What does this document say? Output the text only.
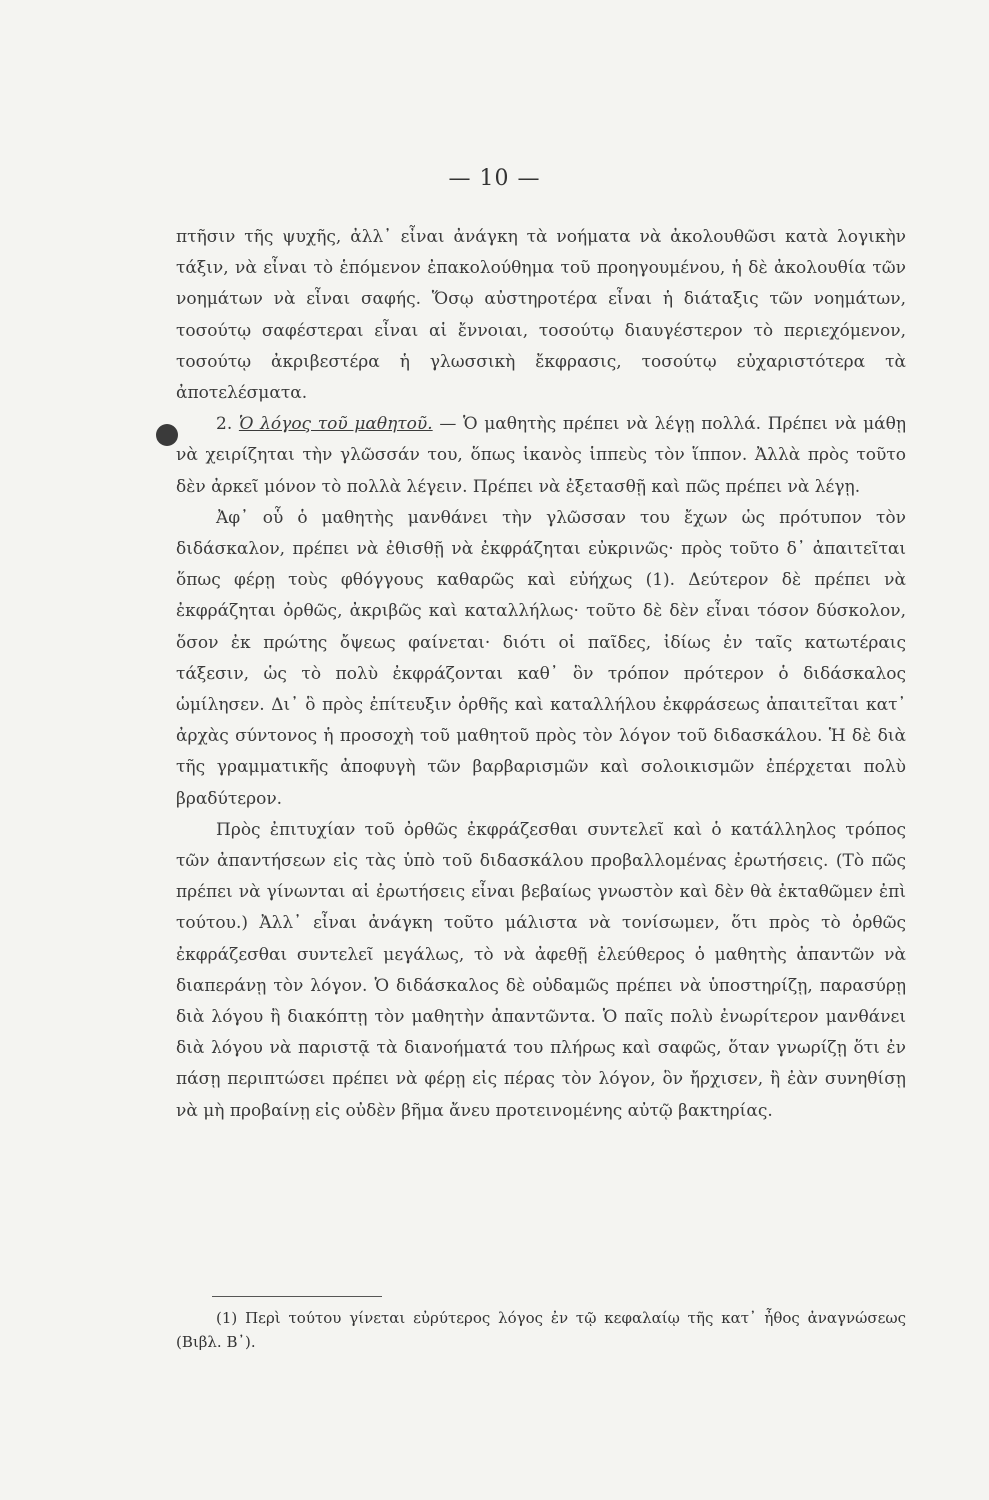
— 10 —

πτῆσιν τῆς ψυχῆς, ἀλλ᾽ εἶναι ἀνάγκη τὰ νοήματα νὰ ἀκολουθῶσι κατὰ λογικὴν τάξιν, νὰ εἶναι τὸ ἑπόμενον ἐπακολούθημα τοῦ προηγουμένου, ἡ δὲ ἀκολουθία τῶν νοημάτων νὰ εἶναι σαφής. Ὅσῳ αὐστηροτέρα εἶναι ἡ διάταξις τῶν νοημάτων, τοσούτῳ σαφέστεραι εἶναι αἱ ἔννοιαι, τοσούτῳ διαυγέστερον τὸ περιεχόμενον, τοσούτῳ ἀκριβεστέρα ἡ γλωσσικὴ ἔκφρασις, τοσούτῳ εὐχαριστότερα τὰ ἀποτελέσματα.

2. Ὁ λόγος τοῦ μαθητοῦ. — Ὁ μαθητὴς πρέπει νὰ λέγῃ πολλά. Πρέπει νὰ μάθῃ νὰ χειρίζηται τὴν γλῶσσάν του, ὅπως ἱκανὸς ἱππεὺς τὸν ἵππον. Ἀλλὰ πρὸς τοῦτο δὲν ἀρκεῖ μόνον τὸ πολλὰ λέγειν. Πρέπει νὰ ἐξετασθῇ καὶ πῶς πρέπει νὰ λέγῃ.

Ἀφ᾽ οὗ ὁ μαθητὴς μανθάνει τὴν γλῶσσαν του ἔχων ὡς πρότυπον τὸν διδάσκαλον, πρέπει νὰ ἐθισθῇ νὰ ἐκφράζηται εὐκρινῶς· πρὸς τοῦτο δ᾽ ἀπαιτεῖται ὅπως φέρῃ τοὺς φθόγγους καθαρῶς καὶ εὐήχως (1). Δεύτερον δὲ πρέπει νὰ ἐκφράζηται ὀρθῶς, ἀκριβῶς καὶ καταλλήλως· τοῦτο δὲ δὲν εἶναι τόσον δύσκολον, ὅσον ἐκ πρώτης ὄψεως φαίνεται· διότι οἱ παῖδες, ἰδίως ἐν ταῖς κατωτέραις τάξεσιν, ὡς τὸ πολὺ ἐκφράζονται καθ᾽ ὃν τρόπον πρότερον ὁ διδάσκαλος ὡμίλησεν. Δι᾽ ὃ πρὸς ἐπίτευξιν ὀρθῆς καὶ καταλλήλου ἐκφράσεως ἀπαιτεῖται κατ᾽ ἀρχὰς σύντονος ἡ προσοχὴ τοῦ μαθητοῦ πρὸς τὸν λόγον τοῦ διδασκάλου. Ἡ δὲ διὰ τῆς γραμματικῆς ἀποφυγὴ τῶν βαρβαρισμῶν καὶ σολοικισμῶν ἐπέρχεται πολὺ βραδύτερον.

Πρὸς ἐπιτυχίαν τοῦ ὀρθῶς ἐκφράζεσθαι συντελεῖ καὶ ὁ κατάλληλος τρόπος τῶν ἀπαντήσεων εἰς τὰς ὑπὸ τοῦ διδασκάλου προβαλλομένας ἐρωτήσεις. (Τὸ πῶς πρέπει νὰ γίνωνται αἱ ἐρωτήσεις εἶναι βεβαίως γνωστὸν καὶ δὲν θὰ ἐκταθῶμεν ἐπὶ τούτου.) Ἀλλ᾽ εἶναι ἀνάγκη τοῦτο μάλιστα νὰ τονίσωμεν, ὅτι πρὸς τὸ ὀρθῶς ἐκφράζεσθαι συντελεῖ μεγάλως, τὸ νὰ ἀφεθῇ ἐλεύθερος ὁ μαθητὴς ἀπαντῶν νὰ διαπεράνῃ τὸν λόγον. Ὁ διδάσκαλος δὲ οὐδαμῶς πρέπει νὰ ὑποστηρίζῃ, παρασύρῃ διὰ λόγου ἢ διακόπτῃ τὸν μαθητὴν ἀπαντῶντα. Ὁ παῖς πολὺ ἐνωρίτερον μανθάνει διὰ λόγου νὰ παριστᾷ τὰ διανοήματά του πλήρως καὶ σαφῶς, ὅταν γνωρίζῃ ὅτι ἐν πάσῃ περιπτώσει πρέπει νὰ φέρῃ εἰς πέρας τὸν λόγον, ὃν ἤρχισεν, ἢ ἐὰν συνηθίσῃ νὰ μὴ προβαίνῃ εἰς οὐδὲν βῆμα ἄνευ προτεινομένης αὐτῷ βακτηρίας.

(1) Περὶ τούτου γίνεται εὐρύτερος λόγος ἐν τῷ κεφαλαίῳ τῆς κατ᾽ ἦθος ἀναγνώσεως (Βιβλ. Β᾽).
